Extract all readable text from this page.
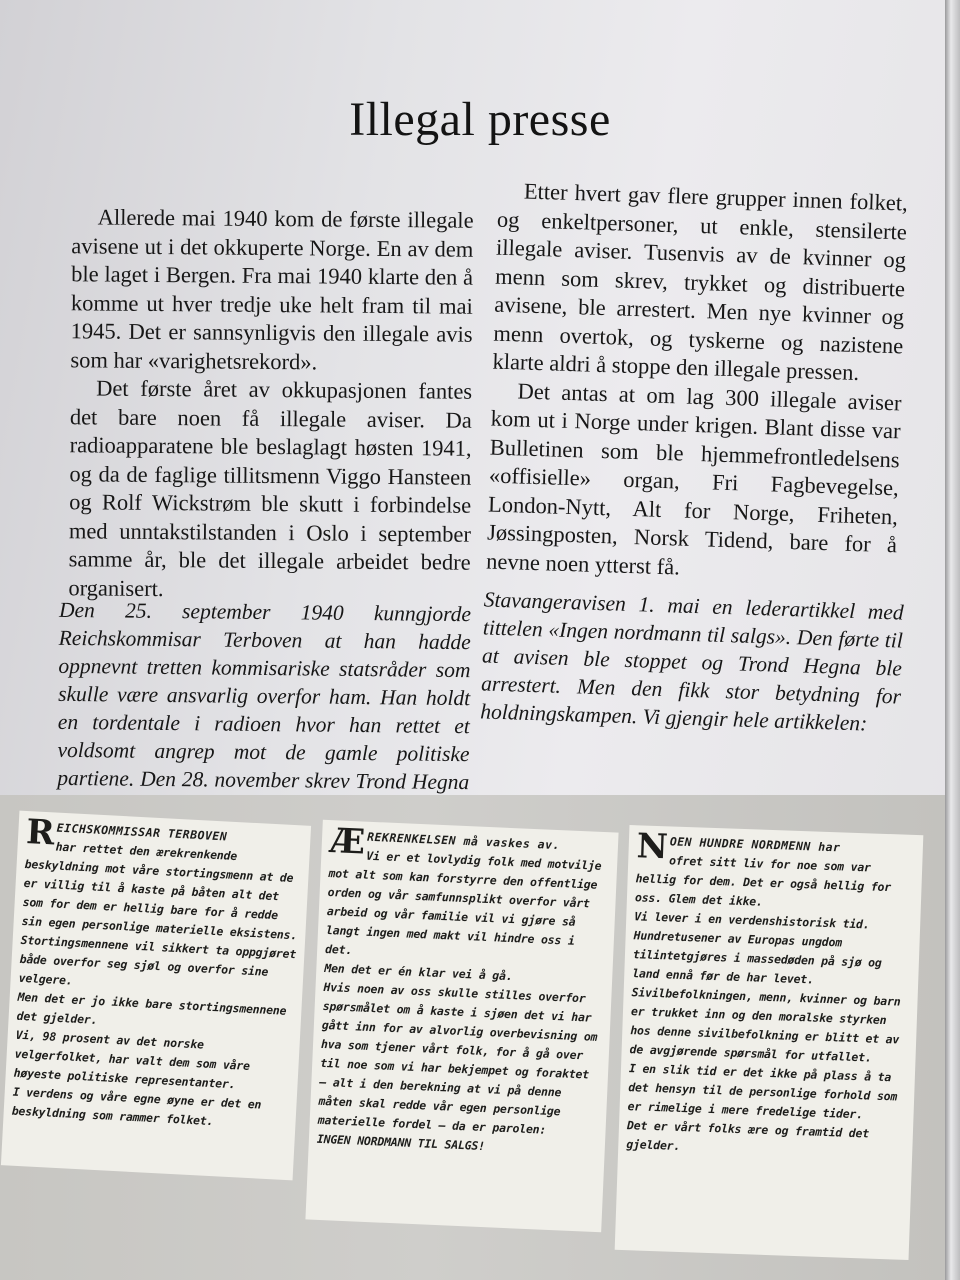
Illegal presse

Allerede mai 1940 kom de første illegale avisene ut i det okkuperte Norge. En av dem ble laget i Bergen. Fra mai 1940 klarte den å komme ut hver tredje uke helt fram til mai 1945. Det er sannsynligvis den illegale avis som har «varighetsrekord».

Det første året av okkupasjonen fantes det bare noen få illegale aviser. Da radioapparatene ble beslaglagt høsten 1941, og da de faglige tillitsmenn Viggo Hansteen og Rolf Wickstrøm ble skutt i forbindelse med unntakstilstanden i Oslo i september samme år, ble det illegale arbeidet bedre organisert.

Etter hvert gav flere grupper innen folket, og enkeltpersoner, ut enkle, stensilerte illegale aviser. Tusenvis av de kvinner og menn som skrev, trykket og distribuerte avisene, ble arrestert. Men nye kvinner og menn overtok, og tyskerne og nazistene klarte aldri å stoppe den illegale pressen.

Det antas at om lag 300 illegale aviser kom ut i Norge under krigen. Blant disse var Bulletinen som ble hjemmefrontledelsens «offisielle» organ, Fri Fagbevegelse, London-Nytt, Alt for Norge, Friheten, Jøssingposten, Norsk Tidend, bare for å nevne noen ytterst få.

Den 25. september 1940 kunngjorde Reichskommisar Terboven at han hadde oppnevnt tretten kommisariske statsråder som skulle være ansvarlig overfor ham. Han holdt en tordentale i radioen hvor han rettet et voldsomt angrep mot de gamle politiske partiene. Den 28. november skrev Trond Hegna

Stavangeravisen 1. mai en lederartikkel med tittelen «Ingen nordmann til salgs». Den førte til at avisen ble stoppet og Trond Hegna ble arrestert. Men den fikk stor betydning for holdningskampen. Vi gjengir hele artikkelen:

R EICHSKOMMISSAR TERBOVEN

har rettet den ærekrenkende beskyldning mot våre stortingsmenn at de er villig til å kaste på båten alt det som for dem er hellig bare for å redde sin egen personlige materielle eksistens.
Stortingsmennene vil sikkert ta oppgjøret både overfor seg sjøl og overfor sine velgere.
Men det er jo ikke bare stortingsmennene det gjelder.
Vi, 98 prosent av det norske velgerfolket, har valt dem som våre høyeste politiske representanter.
I verdens og våre egne øyne er det en beskyldning som rammer folket.

Æ REKRENKELSEN må vaskes av.

Vi er et lovlydig folk med motvilje mot alt som kan forstyrre den offentlige orden og vår samfunnsplikt overfor vårt arbeid og vår familie vil vi gjøre så langt ingen med makt vil hindre oss i det.
Men det er én klar vei å gå.
Hvis noen av oss skulle stilles overfor spørsmålet om å kaste i sjøen det vi har gått inn for av alvorlig overbevisning om hva som tjener vårt folk, for å gå over til noe som vi har bekjempet og foraktet — alt i den berekning at vi på denne måten skal redde vår egen personlige materielle fordel — da er parolen:
INGEN NORDMANN TIL SALGS!

N OEN HUNDRE NORDMENN har

ofret sitt liv for noe som var hellig for dem. Det er også hellig for oss. Glem det ikke.
Vi lever i en verdenshistorisk tid. Hundretusener av Europas ungdom tilintetgjøres i massedøden på sjø og land ennå før de har levet. Sivilbefolkningen, menn, kvinner og barn er trukket inn og den moralske styrken hos denne sivilbefolkning er blitt et av de avgjørende spørsmål for utfallet.
I en slik tid er det ikke på plass å ta det hensyn til de personlige forhold som er rimelige i mere fredelige tider.
Det er vårt folks ære og framtid det gjelder.
